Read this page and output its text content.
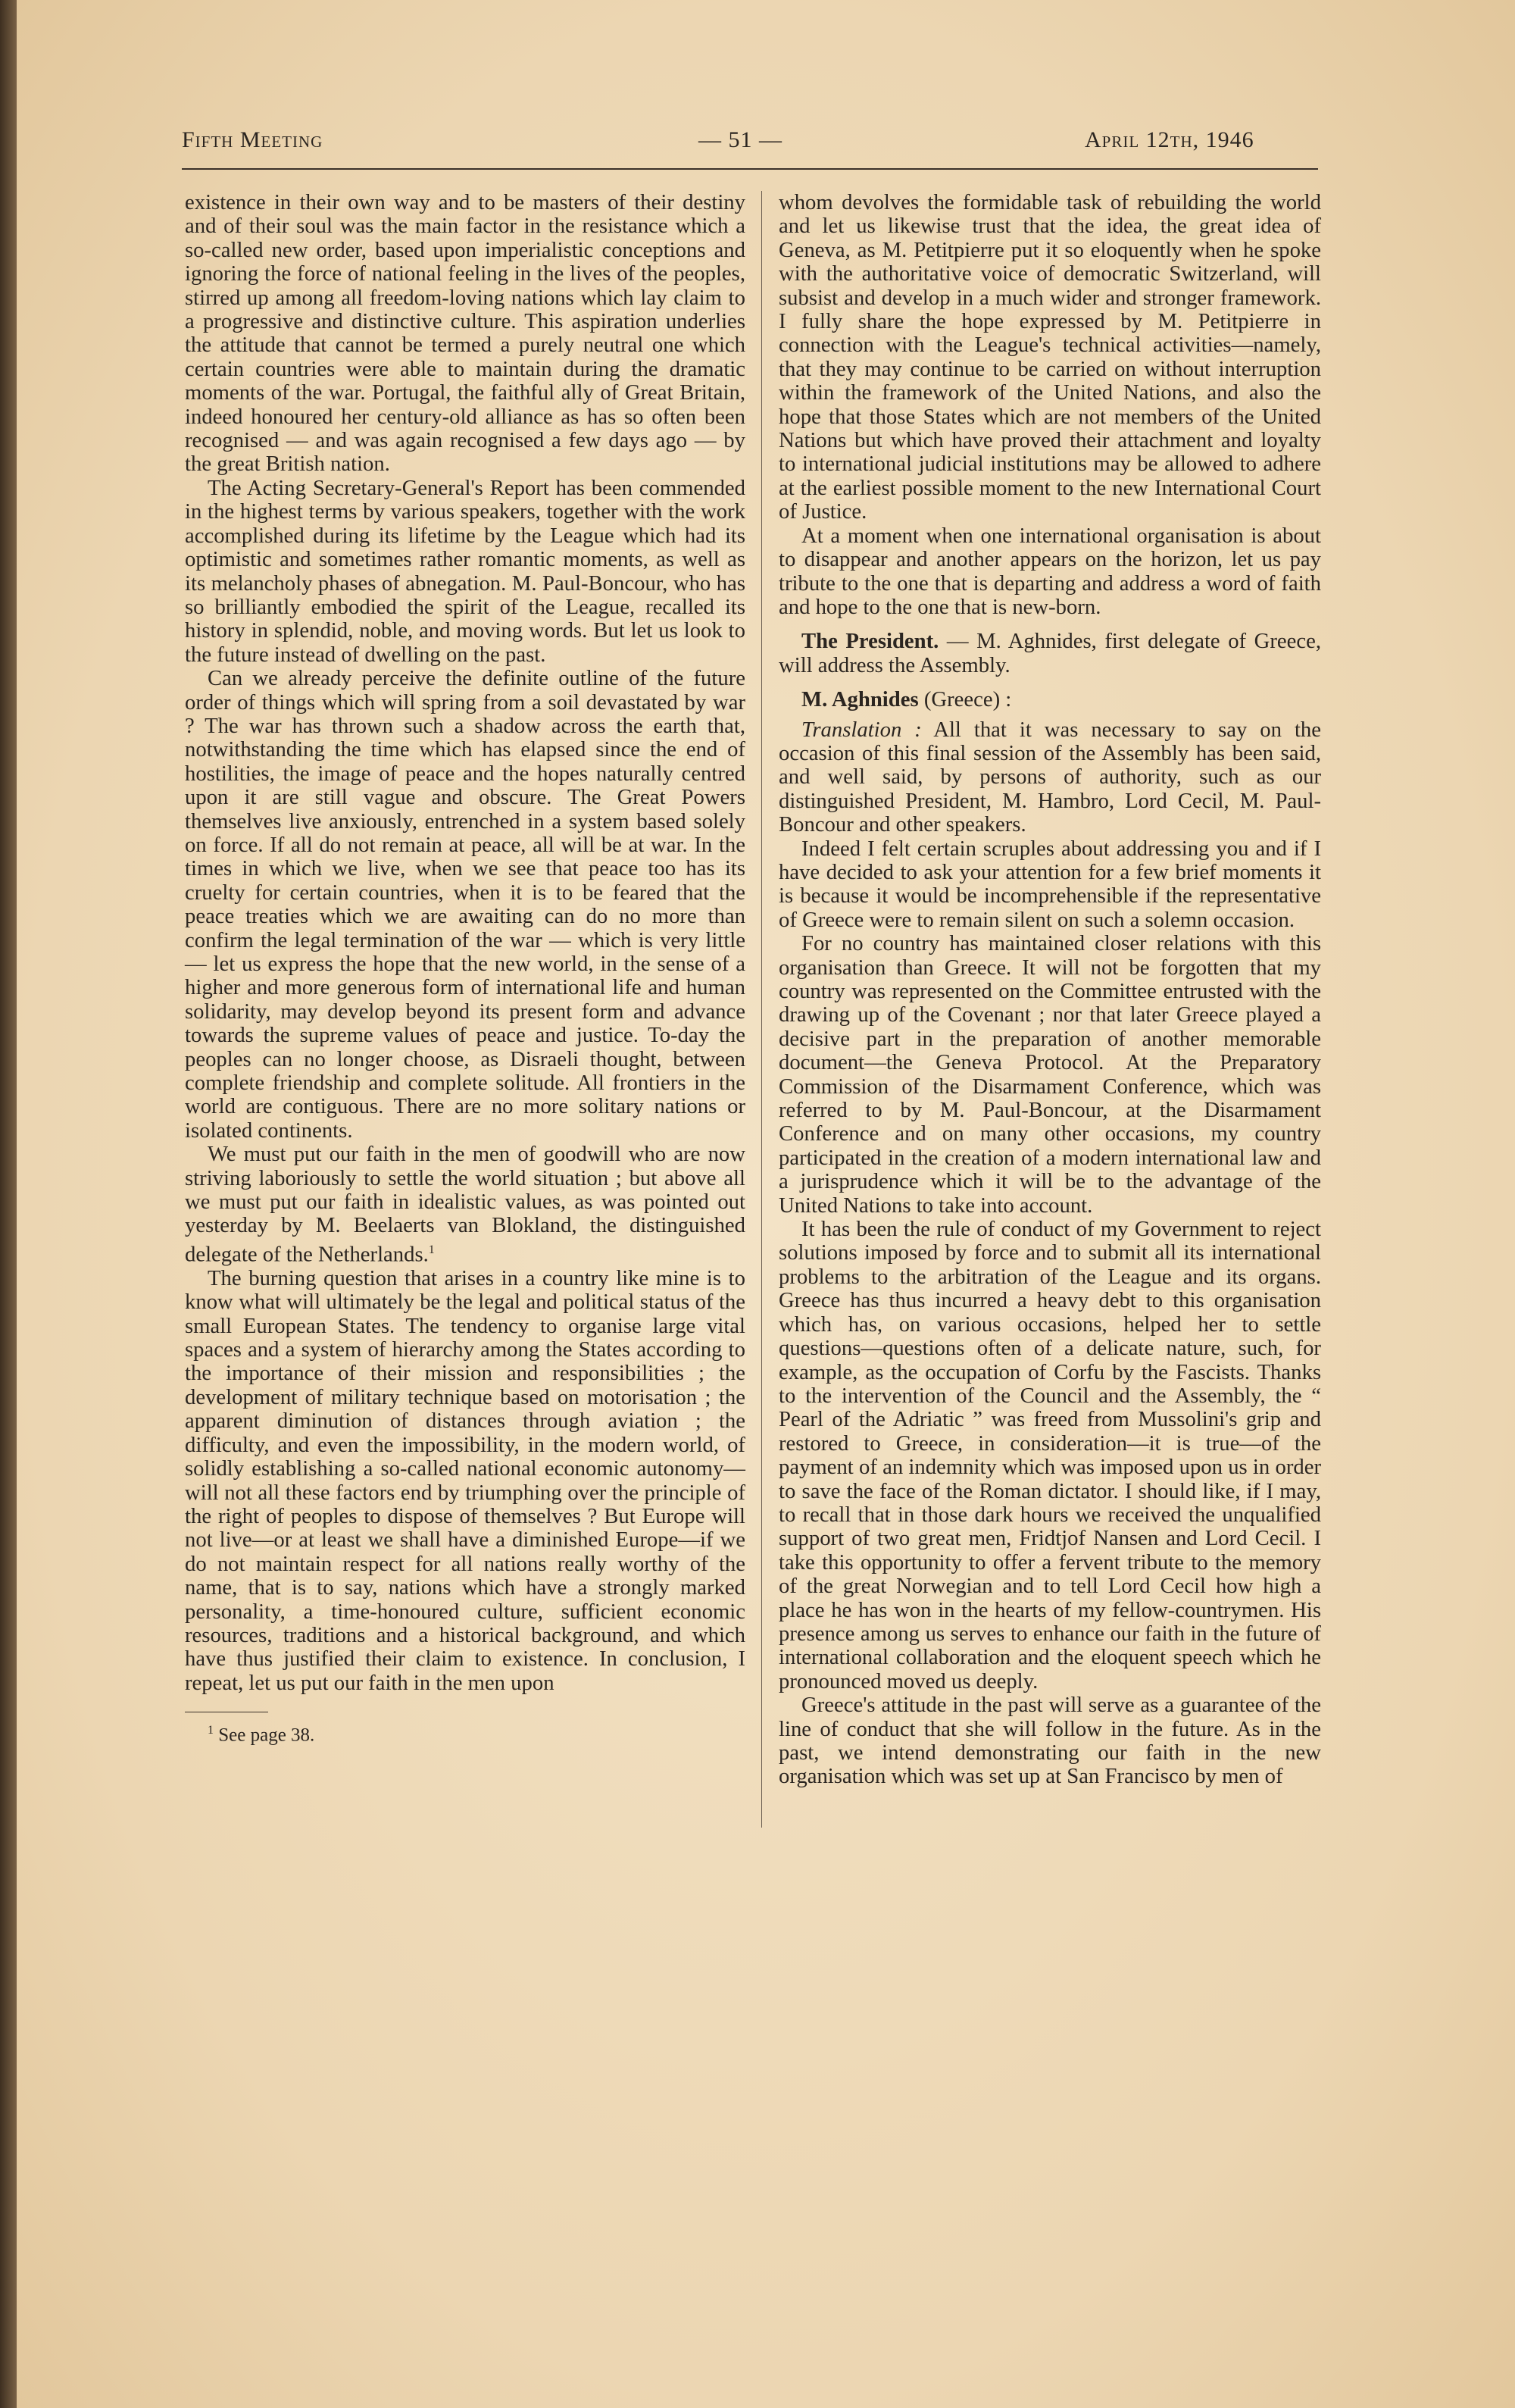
Fifth Meeting	— 51 —	April 12th, 1946

existence in their own way and to be masters of their destiny and of their soul was the main factor in the resistance which a so-called new order, based upon imperialistic conceptions and ignoring the force of national feeling in the lives of the peoples, stirred up among all freedom-loving nations which lay claim to a progressive and distinctive culture. This aspiration underlies the attitude that cannot be termed a purely neutral one which certain countries were able to maintain during the dramatic moments of the war. Portugal, the faithful ally of Great Britain, indeed honoured her century-old alliance as has so often been recognised — and was again recognised a few days ago — by the great British nation.

The Acting Secretary-General's Report has been commended in the highest terms by various speakers, together with the work accomplished during its lifetime by the League which had its optimistic and sometimes rather romantic moments, as well as its melancholy phases of abnegation. M. Paul-Boncour, who has so brilliantly embodied the spirit of the League, recalled its history in splendid, noble, and moving words. But let us look to the future instead of dwelling on the past.

Can we already perceive the definite outline of the future order of things which will spring from a soil devastated by war ? The war has thrown such a shadow across the earth that, notwithstanding the time which has elapsed since the end of hostilities, the image of peace and the hopes naturally centred upon it are still vague and obscure. The Great Powers themselves live anxiously, entrenched in a system based solely on force. If all do not remain at peace, all will be at war. In the times in which we live, when we see that peace too has its cruelty for certain countries, when it is to be feared that the peace treaties which we are awaiting can do no more than confirm the legal termination of the war — which is very little — let us express the hope that the new world, in the sense of a higher and more generous form of international life and human solidarity, may develop beyond its present form and advance towards the supreme values of peace and justice. To-day the peoples can no longer choose, as Disraeli thought, between complete friendship and complete solitude. All frontiers in the world are contiguous. There are no more solitary nations or isolated continents.

We must put our faith in the men of goodwill who are now striving laboriously to settle the world situation ; but above all we must put our faith in idealistic values, as was pointed out yesterday by M. Beelaerts van Blokland, the distinguished delegate of the Netherlands.$^1$

The burning question that arises in a country like mine is to know what will ultimately be the legal and political status of the small European States. The tendency to organise large vital spaces and a system of hierarchy among the States according to the importance of their mission and responsibilities ; the development of military technique based on motorisation ; the apparent diminution of distances through aviation ; the difficulty, and even the impossibility, in the modern world, of solidly establishing a so-called national economic autonomy—will not all these factors end by triumphing over the principle of the right of peoples to dispose of themselves ? But Europe will not live—or at least we shall have a diminished Europe—if we do not maintain respect for all nations really worthy of the name, that is to say, nations which have a strongly marked personality, a time-honoured culture, sufficient economic resources, traditions and a historical background, and which have thus justified their claim to existence. In conclusion, I repeat, let us put our faith in the men upon

$^1$ See page 38.

whom devolves the formidable task of rebuilding the world and let us likewise trust that the idea, the great idea of Geneva, as M. Petitpierre put it so eloquently when he spoke with the authoritative voice of democratic Switzerland, will subsist and develop in a much wider and stronger framework. I fully share the hope expressed by M. Petitpierre in connection with the League's technical activities—namely, that they may continue to be carried on without interruption within the framework of the United Nations, and also the hope that those States which are not members of the United Nations but which have proved their attachment and loyalty to international judicial institutions may be allowed to adhere at the earliest possible moment to the new International Court of Justice.

At a moment when one international organisation is about to disappear and another appears on the horizon, let us pay tribute to the one that is departing and address a word of faith and hope to the one that is new-born.

The President. — M. Aghnides, first delegate of Greece, will address the Assembly.

M. Aghnides (Greece) :

Translation : All that it was necessary to say on the occasion of this final session of the Assembly has been said, and well said, by persons of authority, such as our distinguished President, M. Hambro, Lord Cecil, M. Paul-Boncour and other speakers.

Indeed I felt certain scruples about addressing you and if I have decided to ask your attention for a few brief moments it is because it would be incomprehensible if the representative of Greece were to remain silent on such a solemn occasion.

For no country has maintained closer relations with this organisation than Greece. It will not be forgotten that my country was represented on the Committee entrusted with the drawing up of the Covenant ; nor that later Greece played a decisive part in the preparation of another memorable document—the Geneva Protocol. At the Preparatory Commission of the Disarmament Conference, which was referred to by M. Paul-Boncour, at the Disarmament Conference and on many other occasions, my country participated in the creation of a modern international law and a jurisprudence which it will be to the advantage of the United Nations to take into account.

It has been the rule of conduct of my Government to reject solutions imposed by force and to submit all its international problems to the arbitration of the League and its organs. Greece has thus incurred a heavy debt to this organisation which has, on various occasions, helped her to settle questions—questions often of a delicate nature, such, for example, as the occupation of Corfu by the Fascists. Thanks to the intervention of the Council and the Assembly, the “ Pearl of the Adriatic ” was freed from Mussolini's grip and restored to Greece, in consideration—it is true—of the payment of an indemnity which was imposed upon us in order to save the face of the Roman dictator. I should like, if I may, to recall that in those dark hours we received the unqualified support of two great men, Fridtjof Nansen and Lord Cecil. I take this opportunity to offer a fervent tribute to the memory of the great Norwegian and to tell Lord Cecil how high a place he has won in the hearts of my fellow-countrymen. His presence among us serves to enhance our faith in the future of international collaboration and the eloquent speech which he pronounced moved us deeply.

Greece's attitude in the past will serve as a guarantee of the line of conduct that she will follow in the future. As in the past, we intend demonstrating our faith in the new organisation which was set up at San Francisco by men of
